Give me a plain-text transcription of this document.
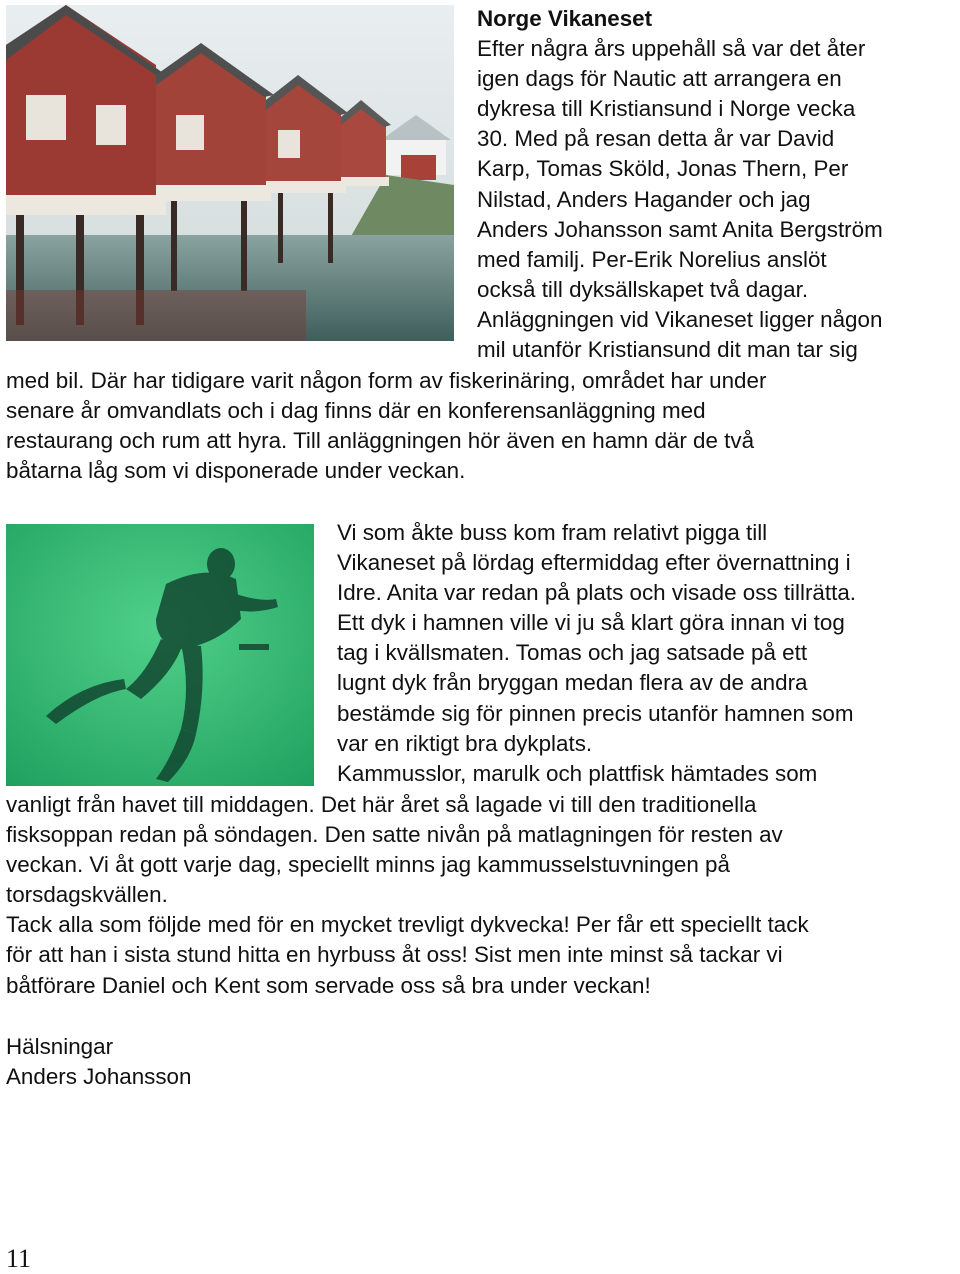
Norge Vikaneset
Efter några års uppehåll så var det åter
igen dags för Nautic att arrangera en
dykresa till Kristiansund i Norge vecka
30. Med på resan detta år var David
Karp, Tomas Sköld, Jonas Thern, Per
Nilstad, Anders Hagander och jag
Anders Johansson samt Anita Bergström
med familj. Per-Erik Norelius anslöt
också till dyksällskapet två dagar.
Anläggningen vid Vikaneset ligger någon
mil utanför Kristiansund dit man tar sig
med bil. Där har tidigare varit någon form av fiskerinäring, området har under
senare år omvandlats och i dag finns där en konferensanläggning med
restaurang och rum att hyra. Till anläggningen hör även en hamn där de två
båtarna låg som vi disponerade under veckan.
Vi som åkte buss kom fram relativt pigga till
Vikaneset på lördag eftermiddag efter övernattning i
Idre. Anita var redan på plats och visade oss tillrätta.
Ett dyk i hamnen ville vi ju så klart göra innan vi tog
tag i kvällsmaten. Tomas och jag satsade på ett
lugnt dyk från bryggan medan flera av de andra
bestämde sig för pinnen precis utanför hamnen som
var en riktigt bra dykplats.
Kammusslor, marulk och plattfisk hämtades som
vanligt från havet till middagen. Det här året så lagade vi till den traditionella
fisksoppan redan på söndagen. Den satte nivån på matlagningen för resten av
veckan. Vi åt gott varje dag, speciellt minns jag kammusselstuvningen på
torsdagskvällen.
Tack alla som följde med för en mycket trevligt dykvecka! Per får ett speciellt tack
för att han i sista stund hitta en hyrbuss åt oss! Sist men inte minst så tackar vi
båtförare Daniel och Kent som servade oss så bra under veckan!
Hälsningar
Anders Johansson
11
